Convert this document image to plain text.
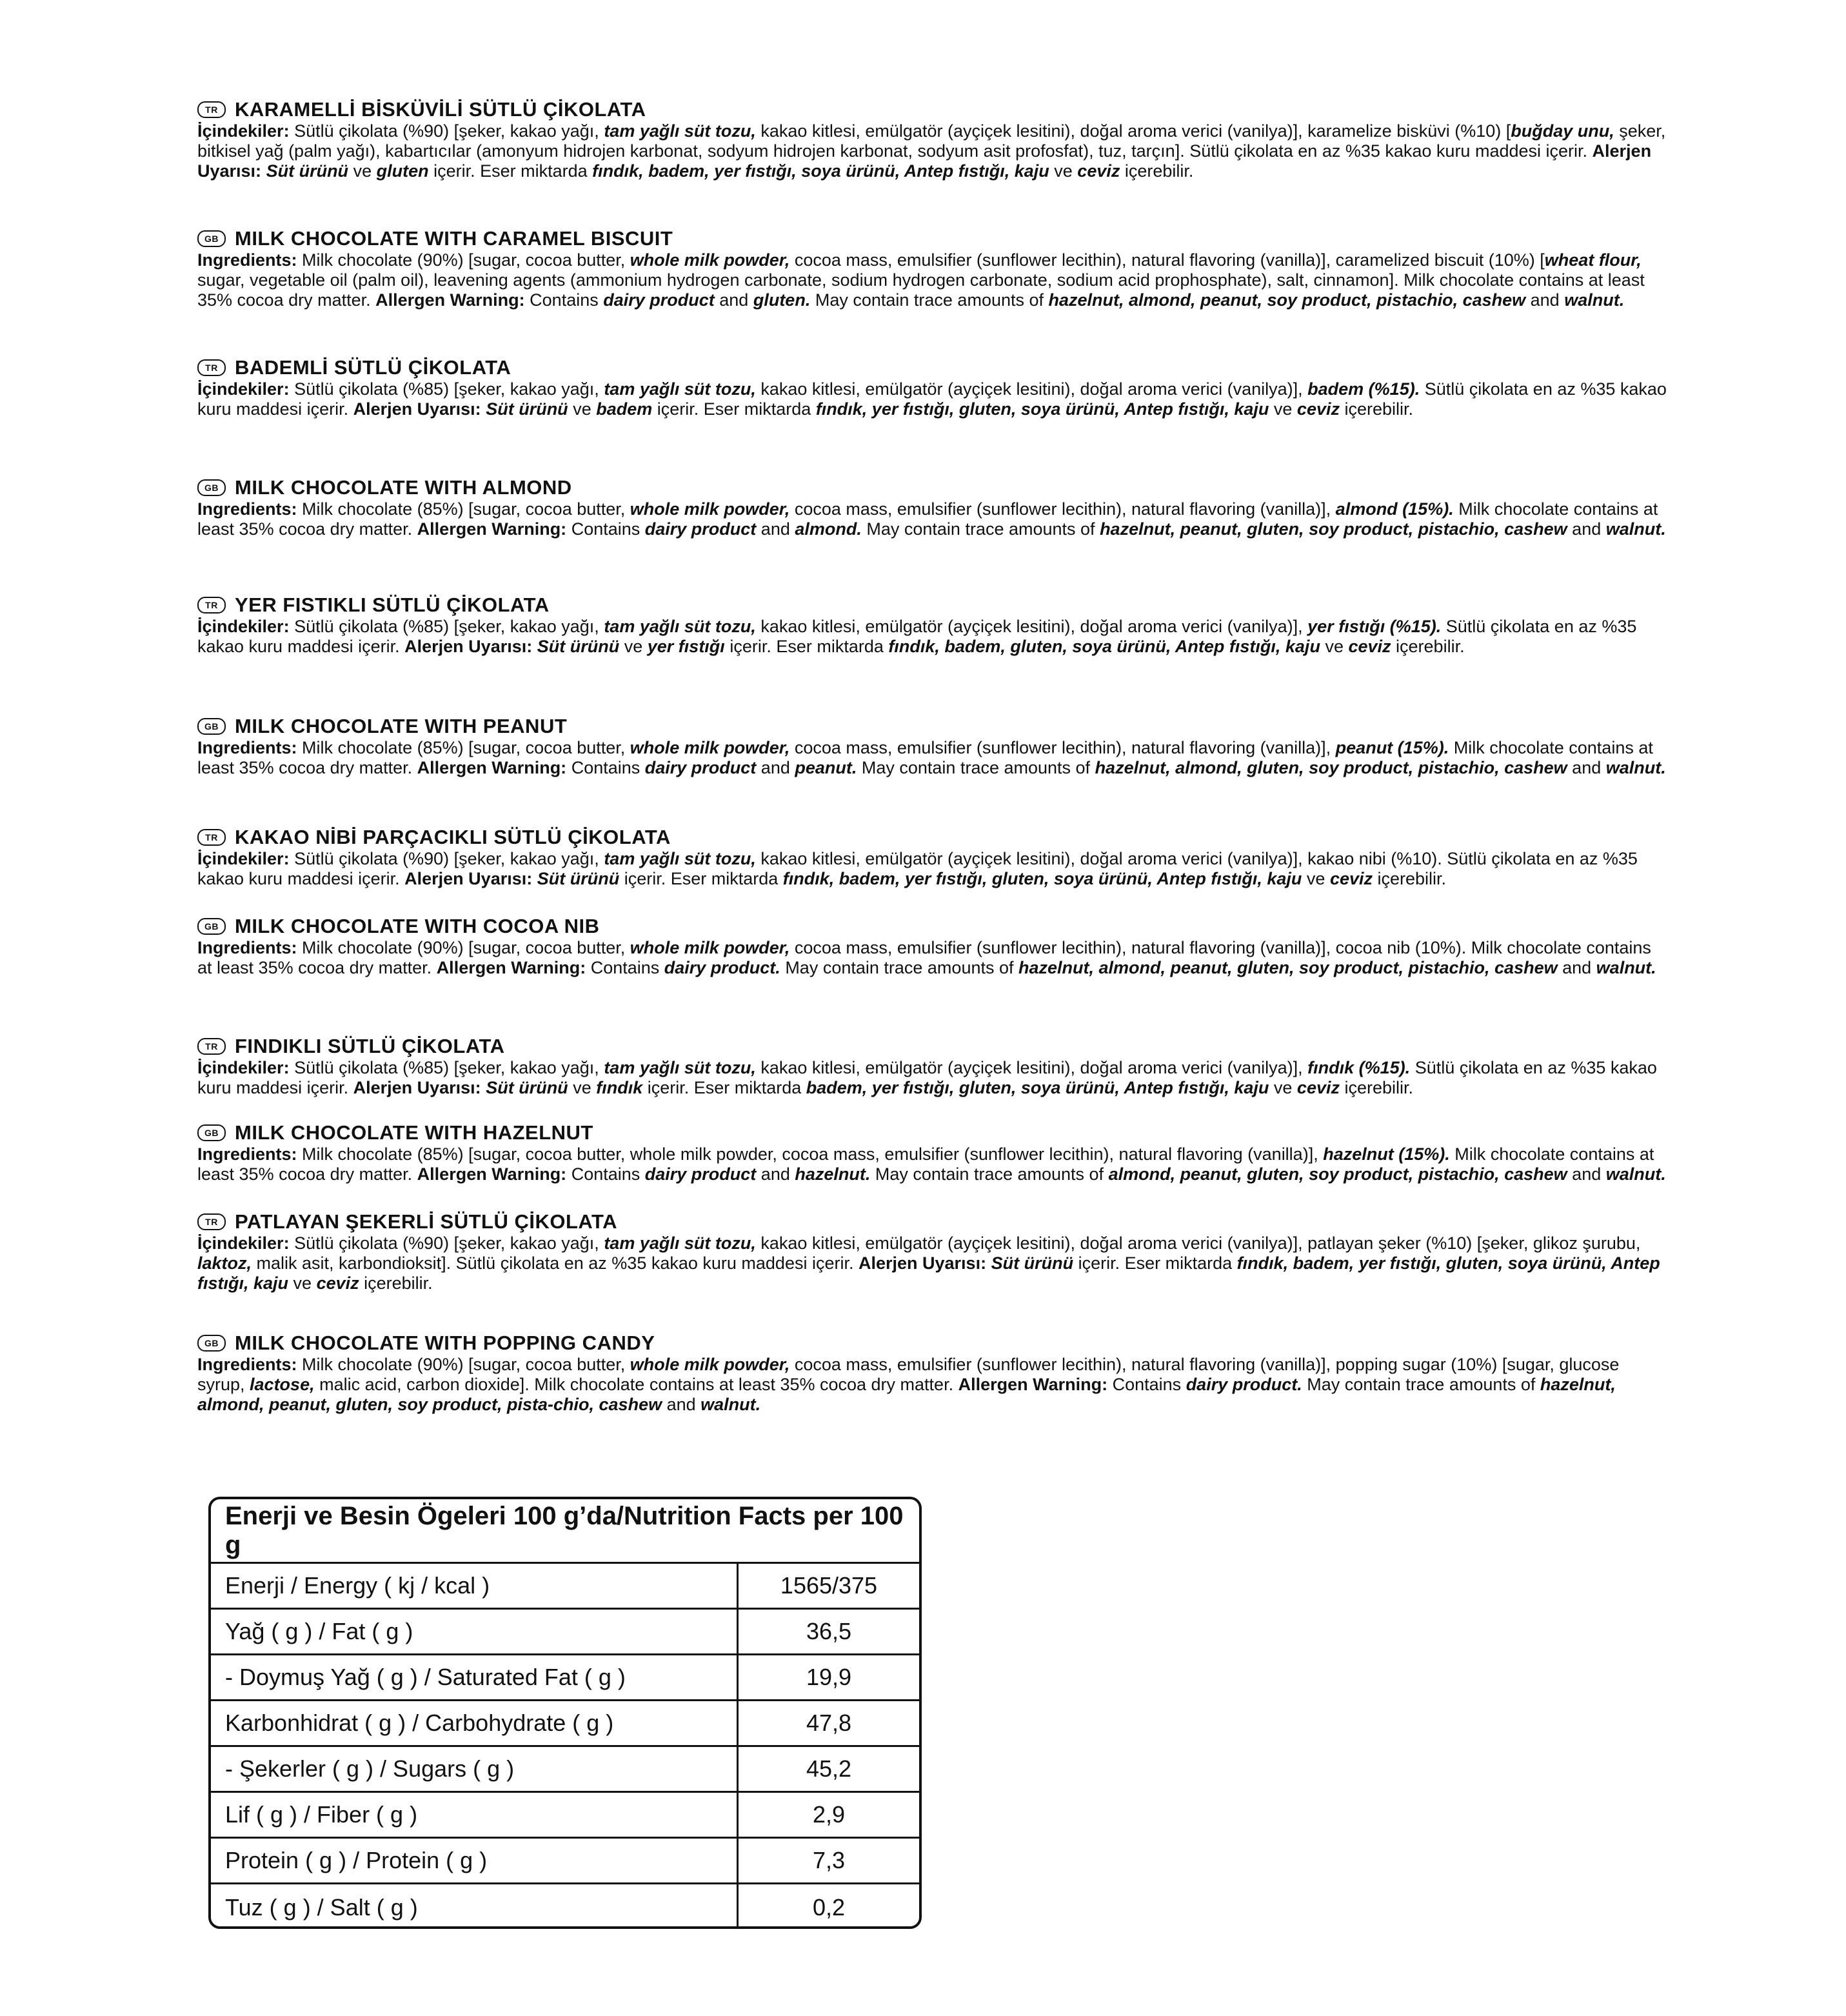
TR KARAMELLİ BİSKÜVİLİ SÜTLÜ ÇİKOLATA
İçindekiler: Sütlü çikolata (%90) [şeker, kakao yağı, tam yağlı süt tozu, kakao kitlesi, emülgatör (ayçiçek lesitini), doğal aroma verici (vanilya)], karamelize bisküvi (%10) [buğday unu, şeker, bitkisel yağ (palm yağı), kabartıcılar (amonyum hidrojen karbonat, sodyum hidrojen karbonat, sodyum asit profosfat), tuz, tarçın]. Sütlü çikolata en az %35 kakao kuru maddesi içerir. Alerjen Uyarısı: Süt ürünü ve gluten içerir. Eser miktarda fındık, badem, yer fıstığı, soya ürünü, Antep fıstığı, kaju ve ceviz içerebilir.
GB MILK CHOCOLATE WITH CARAMEL BISCUIT
Ingredients: Milk chocolate (90%) [sugar, cocoa butter, whole milk powder, cocoa mass, emulsifier (sunflower lecithin), natural flavoring (vanilla)], caramelized biscuit (10%) [wheat flour, sugar, vegetable oil (palm oil), leavening agents (ammonium hydrogen carbonate, sodium hydrogen carbonate, sodium acid prophosphate), salt, cinnamon]. Milk chocolate contains at least 35% cocoa dry matter. Allergen Warning: Contains dairy product and gluten. May contain trace amounts of hazelnut, almond, peanut, soy product, pistachio, cashew and walnut.
TR BADEMLİ SÜTLÜ ÇİKOLATA
İçindekiler: Sütlü çikolata (%85) [şeker, kakao yağı, tam yağlı süt tozu, kakao kitlesi, emülgatör (ayçiçek lesitini), doğal aroma verici (vanilya)], badem (%15). Sütlü çikolata en az %35 kakao kuru maddesi içerir. Alerjen Uyarısı: Süt ürünü ve badem içerir. Eser miktarda fındık, yer fıstığı, gluten, soya ürünü, Antep fıstığı, kaju ve ceviz içerebilir.
GB MILK CHOCOLATE WITH ALMOND
Ingredients: Milk chocolate (85%) [sugar, cocoa butter, whole milk powder, cocoa mass, emulsifier (sunflower lecithin), natural flavoring (vanilla)], almond (15%). Milk chocolate contains at least 35% cocoa dry matter. Allergen Warning: Contains dairy product and almond. May contain trace amounts of hazelnut, peanut, gluten, soy product, pistachio, cashew and walnut.
TR YER FISTIKLI SÜTLÜ ÇİKOLATA
İçindekiler: Sütlü çikolata (%85) [şeker, kakao yağı, tam yağlı süt tozu, kakao kitlesi, emülgatör (ayçiçek lesitini), doğal aroma verici (vanilya)], yer fıstığı (%15). Sütlü çikolata en az %35 kakao kuru maddesi içerir. Alerjen Uyarısı: Süt ürünü ve yer fıstığı içerir. Eser miktarda fındık, badem, gluten, soya ürünü, Antep fıstığı, kaju ve ceviz içerebilir.
GB MILK CHOCOLATE WITH PEANUT
Ingredients: Milk chocolate (85%) [sugar, cocoa butter, whole milk powder, cocoa mass, emulsifier (sunflower lecithin), natural flavoring (vanilla)], peanut (15%). Milk chocolate contains at least 35% cocoa dry matter. Allergen Warning: Contains dairy product and peanut. May contain trace amounts of hazelnut, almond, gluten, soy product, pistachio, cashew and walnut.
TR KAKAO NİBİ PARÇACIKLI SÜTLÜ ÇİKOLATA
İçindekiler: Sütlü çikolata (%90) [şeker, kakao yağı, tam yağlı süt tozu, kakao kitlesi, emülgatör (ayçiçek lesitini), doğal aroma verici (vanilya)], kakao nibi (%10). Sütlü çikolata en az %35 kakao kuru maddesi içerir. Alerjen Uyarısı: Süt ürünü içerir. Eser miktarda fındık, badem, yer fıstığı, gluten, soya ürünü, Antep fıstığı, kaju ve ceviz içerebilir.
GB MILK CHOCOLATE WITH COCOA NIB
Ingredients: Milk chocolate (90%) [sugar, cocoa butter, whole milk powder, cocoa mass, emulsifier (sunflower lecithin), natural flavoring (vanilla)], cocoa nib (10%). Milk chocolate contains at least 35% cocoa dry matter. Allergen Warning: Contains dairy product. May contain trace amounts of hazelnut, almond, peanut, gluten, soy product, pistachio, cashew and walnut.
TR FINDIKLI SÜTLÜ ÇİKOLATA
İçindekiler: Sütlü çikolata (%85) [şeker, kakao yağı, tam yağlı süt tozu, kakao kitlesi, emülgatör (ayçiçek lesitini), doğal aroma verici (vanilya)], fındık (%15). Sütlü çikolata en az %35 kakao kuru maddesi içerir. Alerjen Uyarısı: Süt ürünü ve fındık içerir. Eser miktarda badem, yer fıstığı, gluten, soya ürünü, Antep fıstığı, kaju ve ceviz içerebilir.
GB MILK CHOCOLATE WITH HAZELNUT
Ingredients: Milk chocolate (85%) [sugar, cocoa butter, whole milk powder, cocoa mass, emulsifier (sunflower lecithin), natural flavoring (vanilla)], hazelnut (15%). Milk chocolate contains at least 35% cocoa dry matter. Allergen Warning: Contains dairy product and hazelnut. May contain trace amounts of almond, peanut, gluten, soy product, pistachio, cashew and walnut.
TR PATLAYAN ŞEKERLİ SÜTLÜ ÇİKOLATA
İçindekiler: Sütlü çikolata (%90) [şeker, kakao yağı, tam yağlı süt tozu, kakao kitlesi, emülgatör (ayçiçek lesitini), doğal aroma verici (vanilya)], patlayan şeker (%10) [şeker, glikoz şurubu, laktoz, malik asit, karbondioksit]. Sütlü çikolata en az %35 kakao kuru maddesi içerir. Alerjen Uyarısı: Süt ürünü içerir. Eser miktarda fındık, badem, yer fıstığı, gluten, soya ürünü, Antep fıstığı, kaju ve ceviz içerebilir.
GB MILK CHOCOLATE WITH POPPING CANDY
Ingredients: Milk chocolate (90%) [sugar, cocoa butter, whole milk powder, cocoa mass, emulsifier (sunflower lecithin), natural flavoring (vanilla)], popping sugar (10%) [sugar, glucose syrup, lactose, malic acid, carbon dioxide]. Milk chocolate contains at least 35% cocoa dry matter. Allergen Warning: Contains dairy product. May contain trace amounts of hazelnut, almond, peanut, gluten, soy product, pista-chio, cashew and walnut.
Enerji ve Besin Ögeleri 100 g’da/Nutrition Facts per 100 g
Enerji / Energy ( kj / kcal )	1565/375
Yağ ( g ) / Fat ( g )	36,5
- Doymuş Yağ ( g ) / Saturated Fat ( g )	19,9
Karbonhidrat ( g ) / Carbohydrate ( g )	47,8
- Şekerler ( g ) / Sugars ( g )	45,2
Lif ( g ) / Fiber ( g )	2,9
Protein ( g ) / Protein ( g )	7,3
Tuz ( g ) / Salt ( g )	0,2
